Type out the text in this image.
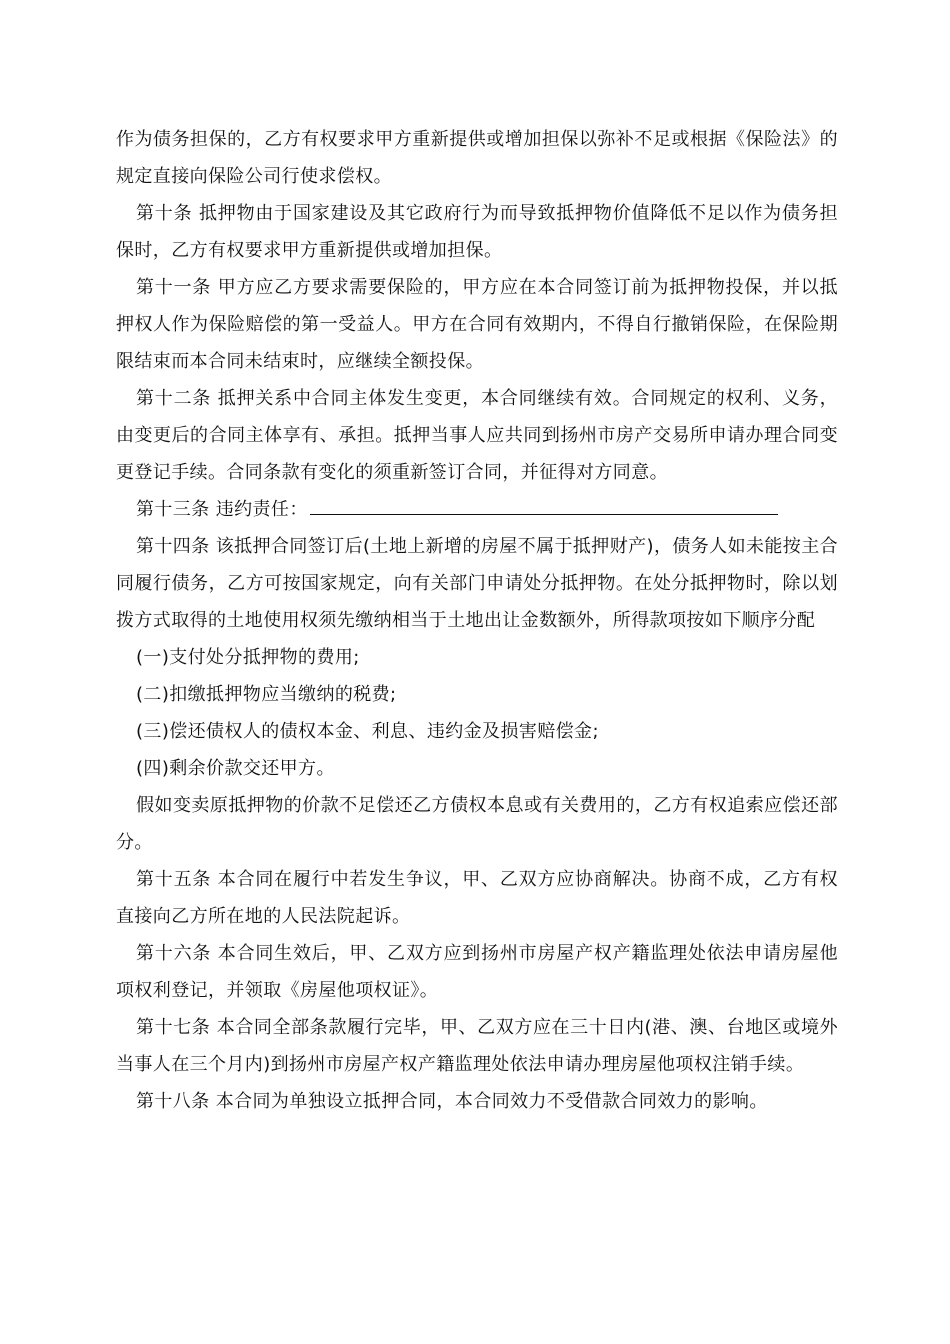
作为债务担保的，乙方有权要求甲方重新提供或增加担保以弥补不足或根据《保险法》的规定直接向保险公司行使求偿权。

第十条 抵押物由于国家建设及其它政府行为而导致抵押物价值降低不足以作为债务担保时，乙方有权要求甲方重新提供或增加担保。

第十一条 甲方应乙方要求需要保险的，甲方应在本合同签订前为抵押物投保，并以抵押权人作为保险赔偿的第一受益人。甲方在合同有效期内，不得自行撤销保险，在保险期限结束而本合同未结束时，应继续全额投保。

第十二条 抵押关系中合同主体发生变更，本合同继续有效。合同规定的权利、义务，由变更后的合同主体享有、承担。抵押当事人应共同到扬州市房产交易所申请办理合同变更登记手续。合同条款有变化的须重新签订合同，并征得对方同意。

第十三条 违约责任：

第十四条 该抵押合同签订后(土地上新增的房屋不属于抵押财产)，债务人如未能按主合同履行债务，乙方可按国家规定，向有关部门申请处分抵押物。在处分抵押物时，除以划拨方式取得的土地使用权须先缴纳相当于土地出让金数额外，所得款项按如下顺序分配

(一)支付处分抵押物的费用;

(二)扣缴抵押物应当缴纳的税费;

(三)偿还债权人的债权本金、利息、违约金及损害赔偿金;

(四)剩余价款交还甲方。

假如变卖原抵押物的价款不足偿还乙方债权本息或有关费用的，乙方有权追索应偿还部分。

第十五条 本合同在履行中若发生争议，甲、乙双方应协商解决。协商不成，乙方有权直接向乙方所在地的人民法院起诉。

第十六条 本合同生效后，甲、乙双方应到扬州市房屋产权产籍监理处依法申请房屋他项权利登记，并领取《房屋他项权证》。

第十七条 本合同全部条款履行完毕，甲、乙双方应在三十日内(港、澳、台地区或境外当事人在三个月内)到扬州市房屋产权产籍监理处依法申请办理房屋他项权注销手续。

第十八条 本合同为单独设立抵押合同，本合同效力不受借款合同效力的影响。
